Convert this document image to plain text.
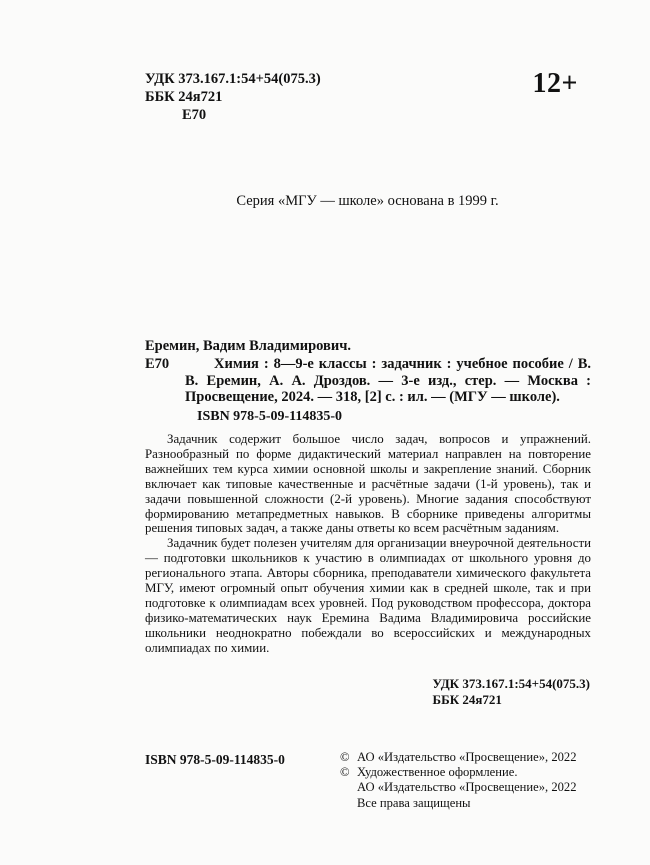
УДК 373.167.1:54+54(075.3)
ББК 24я721
Е70
12+
Серия «МГУ — школе» основана в 1999 г.

Еремин, Вадим Владимирович.

Е70	Химия : 8—9-е классы : задачник : учебное пособие / В. В. Еремин, А. А. Дроздов. — 3-е изд., стер. — Москва : Просвещение, 2024. — 318, [2] с. : ил. — (МГУ — школе).

ISBN 978-5-09-114835-0

Задачник содержит большое число задач, вопросов и упражнений. Разнообразный по форме дидактический материал направлен на повторение важнейших тем курса химии основной школы и закрепление знаний. Сборник включает как типовые качественные и расчётные задачи (1-й уровень), так и задачи повышенной сложности (2-й уровень). Многие задания способствуют формированию метапредметных навыков. В сборнике приведены алгоритмы решения типовых задач, а также даны ответы ко всем расчётным заданиям.

Задачник будет полезен учителям для организации внеурочной деятельности — подготовки школьников к участию в олимпиадах от школьного уровня до регионального этапа. Авторы сборника, преподаватели химического факультета МГУ, имеют огромный опыт обучения химии как в средней школе, так и при подготовке к олимпиадам всех уровней. Под руководством профессора, доктора физико-математических наук Еремина Вадима Владимировича российские школьники неоднократно побеждали во всероссийских и международных олимпиадах по химии.

УДК 373.167.1:54+54(075.3)
ББК 24я721
ISBN 978-5-09-114835-0	© АО «Издательство «Просвещение», 2022
© Художественное оформление.
АО «Издательство «Просвещение», 2022
Все права защищены
